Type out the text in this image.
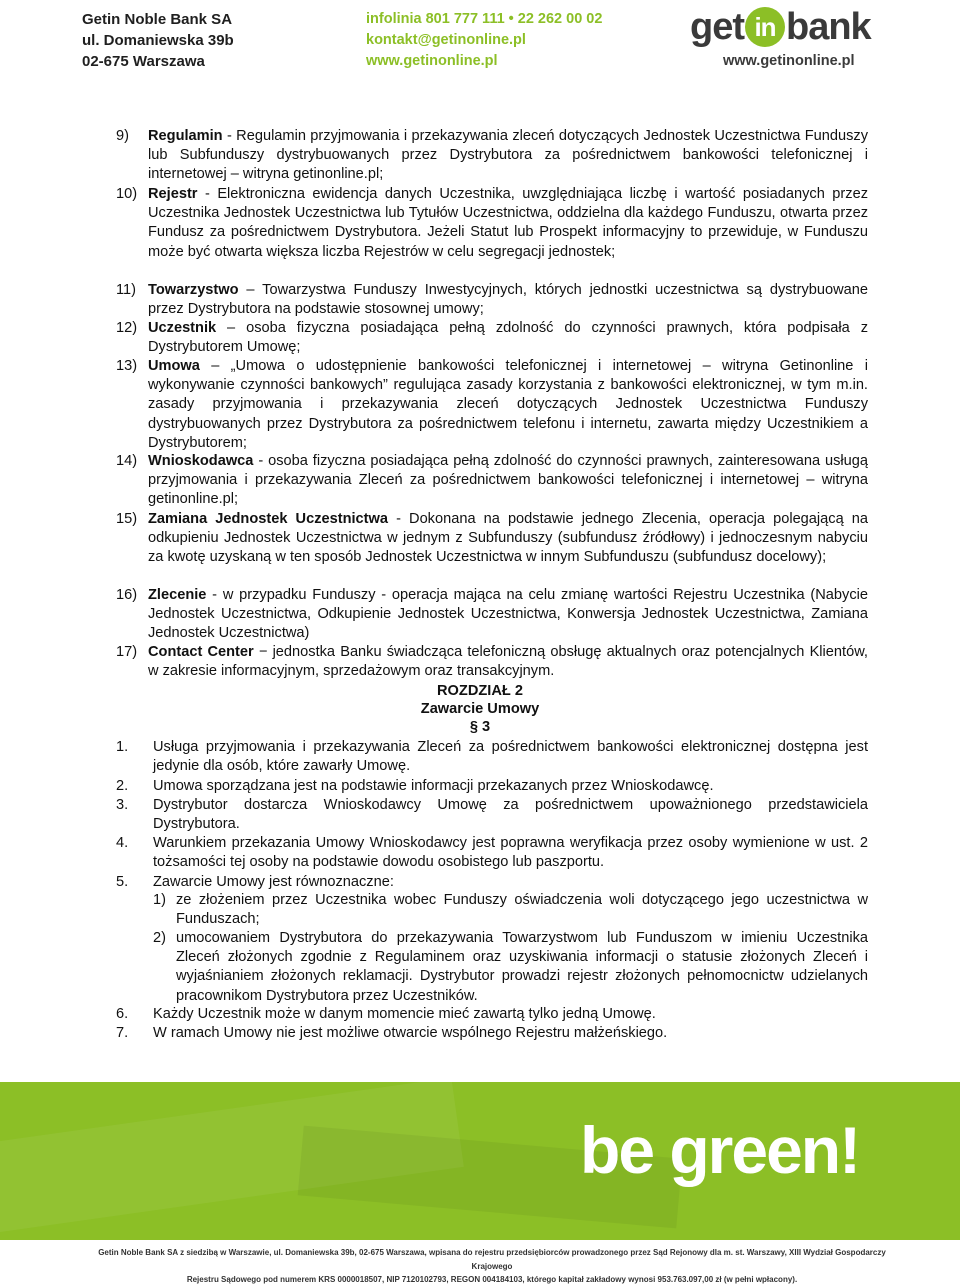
Getin Noble Bank SA
ul. Domaniewska 39b
02-675 Warszawa
infolinia 801 777 111 • 22 262 00 02
kontakt@getinonline.pl
www.getinonline.pl
get in bank
www.getinonline.pl
9) Regulamin - Regulamin przyjmowania i przekazywania zleceń dotyczących Jednostek Uczestnictwa Funduszy lub Subfunduszy dystrybuowanych przez Dystrybutora za pośrednictwem bankowości telefonicznej i internetowej – witryna getinonline.pl;
10) Rejestr - Elektroniczna ewidencja danych Uczestnika, uwzględniająca liczbę i wartość posiadanych przez Uczestnika Jednostek Uczestnictwa lub Tytułów Uczestnictwa, oddzielna dla każdego Funduszu, otwarta przez Fundusz za pośrednictwem Dystrybutora. Jeżeli Statut lub Prospekt informacyjny to przewiduje, w Funduszu może być otwarta większa liczba Rejestrów w celu segregacji jednostek;
11) Towarzystwo – Towarzystwa Funduszy Inwestycyjnych, których jednostki uczestnictwa są dystrybuowane przez Dystrybutora na podstawie stosownej umowy;
12) Uczestnik – osoba fizyczna posiadająca pełną zdolność do czynności prawnych, która podpisała z Dystrybutorem Umowę;
13) Umowa – „Umowa o udostępnienie bankowości telefonicznej i internetowej – witryna Getinonline i wykonywanie czynności bankowych” regulująca zasady korzystania z bankowości elektronicznej, w tym m.in. zasady przyjmowania i przekazywania zleceń dotyczących Jednostek Uczestnictwa Funduszy dystrybuowanych przez Dystrybutora za pośrednictwem telefonu i internetu, zawarta między Uczestnikiem a Dystrybutorem;
14) Wnioskodawca - osoba fizyczna posiadająca pełną zdolność do czynności prawnych, zainteresowana usługą przyjmowania i przekazywania Zleceń za pośrednictwem bankowości telefonicznej i internetowej – witryna getinonline.pl;
15) Zamiana Jednostek Uczestnictwa - Dokonana na podstawie jednego Zlecenia, operacja polegającą na odkupieniu Jednostek Uczestnictwa w jednym z Subfunduszy (subfundusz źródłowy) i jednoczesnym nabyciu za kwotę uzyskaną w ten sposób Jednostek Uczestnictwa w innym Subfunduszu (subfundusz docelowy);
16) Zlecenie - w przypadku Funduszy - operacja mająca na celu zmianę wartości Rejestru Uczestnika (Nabycie Jednostek Uczestnictwa, Odkupienie Jednostek Uczestnictwa, Konwersja Jednostek Uczestnictwa, Zamiana Jednostek Uczestnictwa)
17) Contact Center − jednostka Banku świadcząca telefoniczną obsługę aktualnych oraz potencjalnych Klientów, w zakresie informacyjnym, sprzedażowym oraz transakcyjnym.
ROZDZIAŁ 2
Zawarcie Umowy
§ 3
1. Usługa przyjmowania i przekazywania Zleceń za pośrednictwem bankowości elektronicznej dostępna jest jedynie dla osób, które zawarły Umowę.
2. Umowa sporządzana jest na podstawie informacji przekazanych przez Wnioskodawcę.
3. Dystrybutor dostarcza Wnioskodawcy Umowę za pośrednictwem upoważnionego przedstawiciela Dystrybutora.
4. Warunkiem przekazania Umowy Wnioskodawcy jest poprawna weryfikacja przez osoby wymienione w ust. 2 tożsamości tej osoby na podstawie dowodu osobistego lub paszportu.
5. Zawarcie Umowy jest równoznaczne:
1) ze złożeniem przez Uczestnika wobec Funduszy oświadczenia woli dotyczącego jego uczestnictwa w Funduszach;
2) umocowaniem Dystrybutora do przekazywania Towarzystwom lub Funduszom w imieniu Uczestnika Zleceń złożonych zgodnie z Regulaminem oraz uzyskiwania informacji o statusie złożonych Zleceń i wyjaśnianiem złożonych reklamacji. Dystrybutor prowadzi rejestr złożonych pełnomocnictw udzielanych pracownikom Dystrybutora przez Uczestników.
6. Każdy Uczestnik może w danym momencie mieć zawartą tylko jedną Umowę.
7. W ramach Umowy nie jest możliwe otwarcie wspólnego Rejestru małżeńskiego.
be green!
Getin Noble Bank SA z siedzibą w Warszawie, ul. Domaniewska 39b, 02-675 Warszawa, wpisana do rejestru przedsiębiorców prowadzonego przez Sąd Rejonowy dla m. st. Warszawy, XIII Wydział Gospodarczy Krajowego
Rejestru Sądowego pod numerem KRS 0000018507, NIP 7120102793, REGON 004184103, którego kapitał zakładowy wynosi 953.763.097,00 zł (w pełni wpłacony).
